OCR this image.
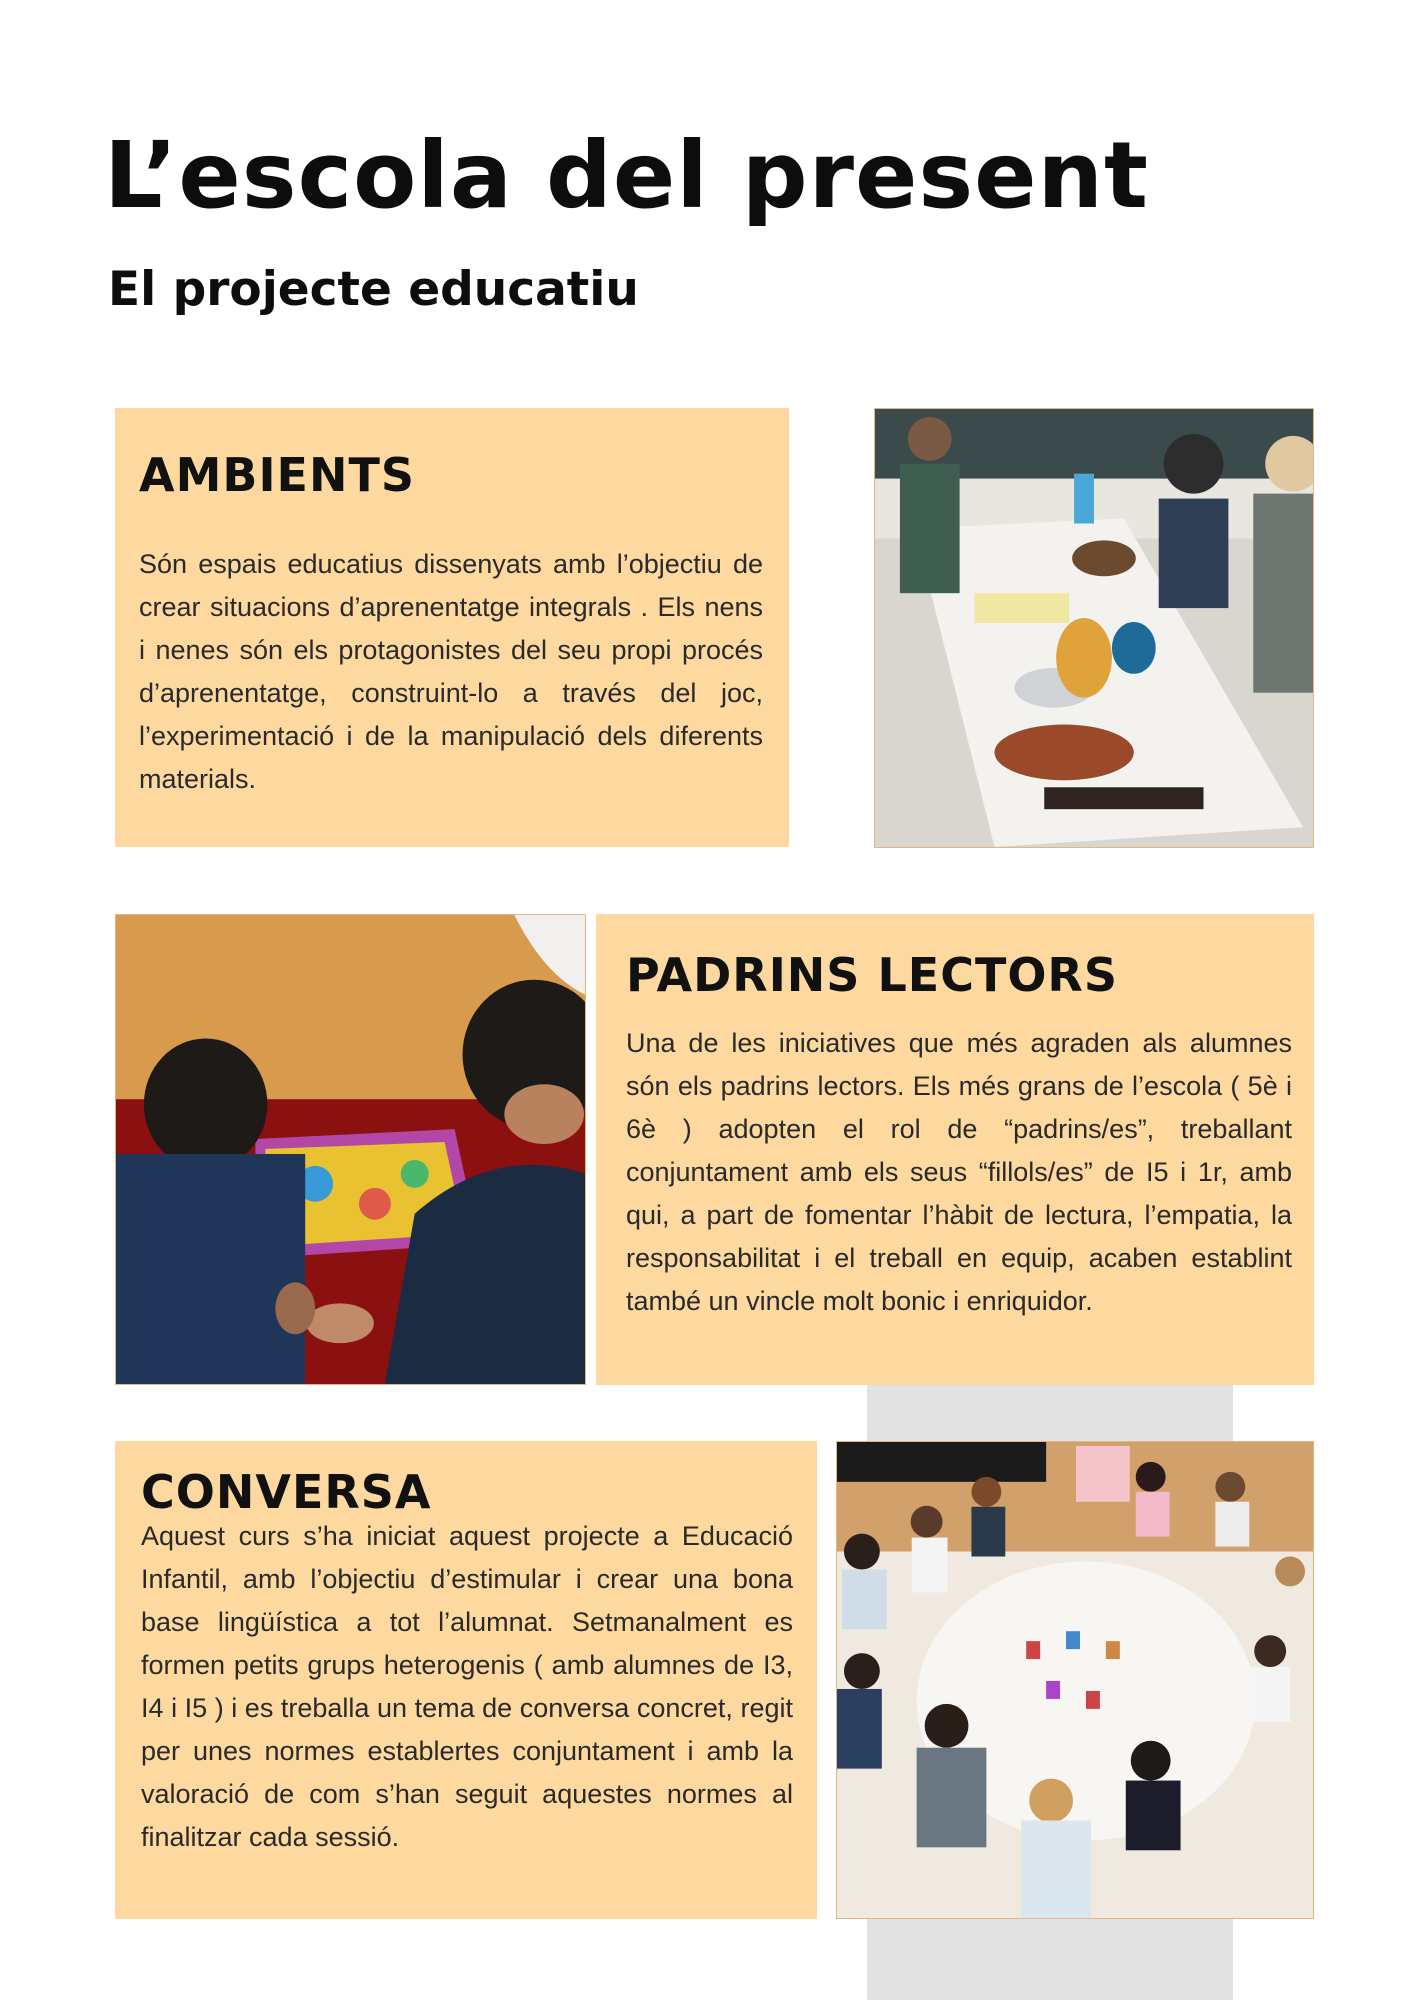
L’escola del present
El projecte educatiu
AMBIENTS

Són espais educatius dissenyats amb l’objectiu de crear situacions d’aprenentatge integrals . Els nens i nenes són els protagonistes del seu propi procés d’aprenentatge, construint-lo a través del joc, l’experimentació i de la manipulació dels diferents materials.

PADRINS LECTORS

Una de les iniciatives que més agraden als alumnes són els padrins lectors. Els més grans de l’escola ( 5è i 6è ) adopten el rol de “padrins/es”, treballant conjuntament amb els seus “fillols/es” de I5 i 1r, amb qui, a part de fomentar l’hàbit de lectura, l’empatia, la responsabilitat i el treball en equip, acaben establint també un vincle molt bonic i enriquidor.

CONVERSA

Aquest curs s’ha iniciat aquest projecte a Educació Infantil, amb l’objectiu d’estimular i crear una bona base lingüística a tot l’alumnat. Setmanalment es formen petits grups heterogenis ( amb alumnes de I3, I4 i I5 ) i es treballa un tema de conversa concret, regit per unes normes establertes conjuntament i amb la valoració de com s’han seguit aquestes normes al finalitzar cada sessió.
